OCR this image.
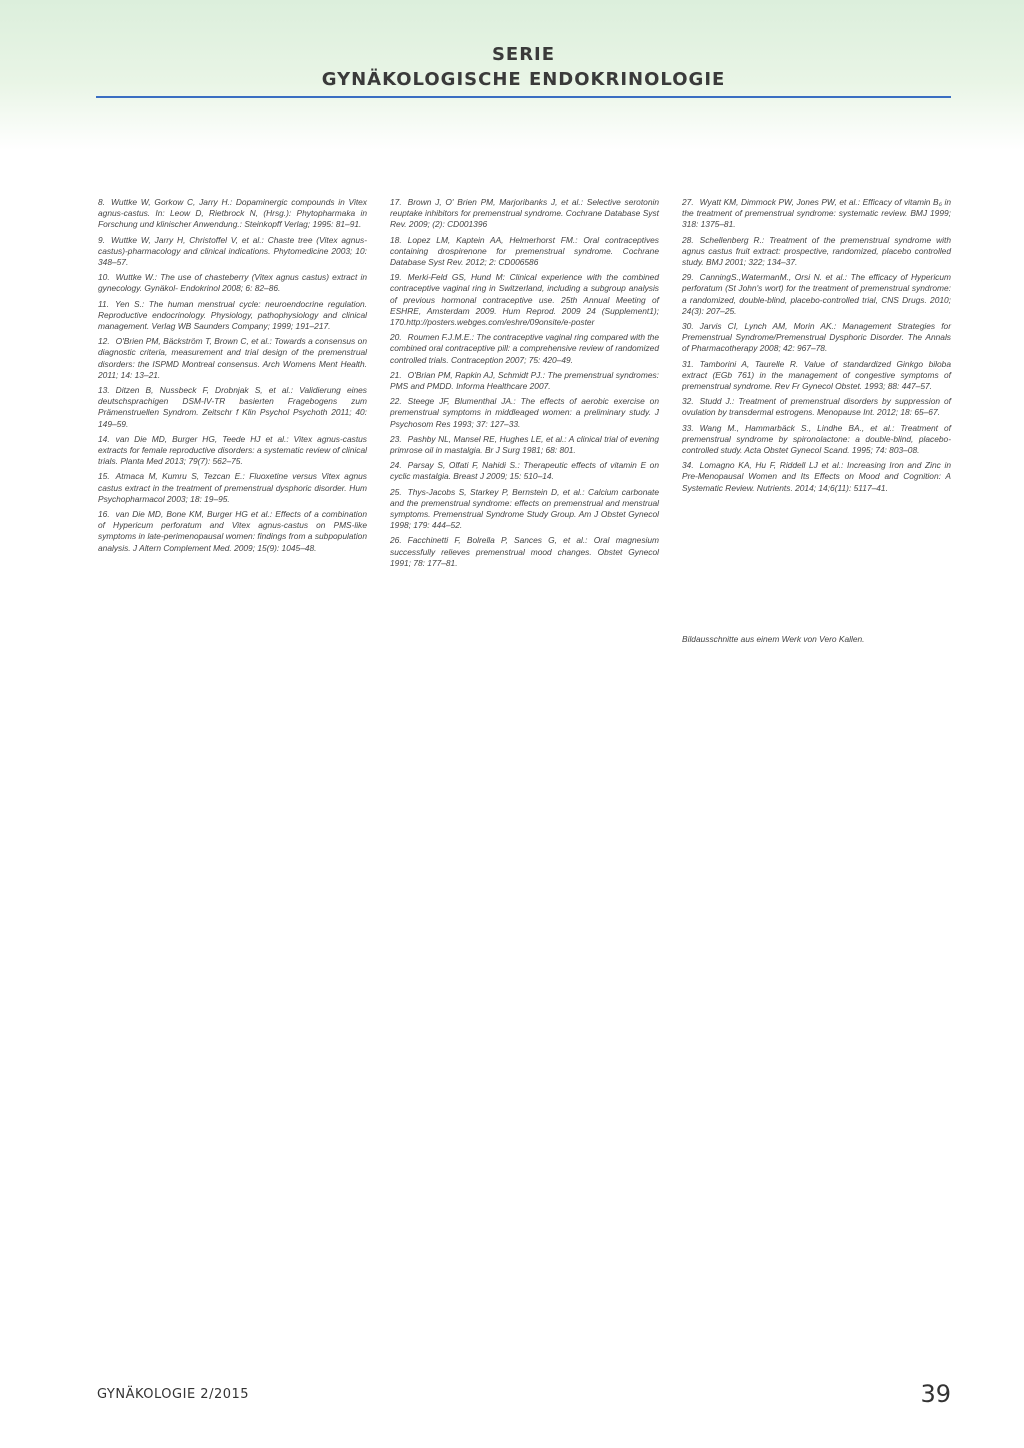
SERIE
GYNÄKOLOGISCHE ENDOKRINOLOGIE

8. Wuttke W, Gorkow C, Jarry H.: Dopaminergic compounds in Vitex agnus-castus. In: Leow D, Rietbrock N, (Hrsg.): Phytopharmaka in Forschung und klinischer Anwendung.: Steinkopff Verlag; 1995: 81–91.

9. Wuttke W, Jarry H, Christoffel V, et al.: Chaste tree (Vitex agnus-castus)-pharmacology and clinical indications. Phytomedicine 2003; 10: 348–57.

10. Wuttke W.: The use of chasteberry (Vitex agnus castus) extract in gynecology. Gynäkol- Endokrinol 2008; 6: 82–86.

11. Yen S.: The human menstrual cycle: neuroendocrine regulation. Reproductive endocrinology. Physiology, pathophysiology and clinical management. Verlag WB Saunders Company; 1999; 191–217.

12. O'Brien PM, Bäckström T, Brown C, et al.: Towards a consensus on diagnostic criteria, measurement and trial design of the premenstrual disorders: the ISPMD Montreal consensus. Arch Womens Ment Health. 2011; 14: 13–21.

13. Ditzen B, Nussbeck F, Drobnjak S, et al.: Validierung eines deutschsprachigen DSM-IV-TR basierten Fragebogens zum Prämenstruellen Syndrom. Zeitschr f Klin Psychol Psychoth 2011; 40: 149–59.

14. van Die MD, Burger HG, Teede HJ et al.: Vitex agnus-castus extracts for female reproductive disorders: a systematic review of clinical trials. Planta Med 2013; 79(7): 562–75.

15. Atmaca M, Kumru S, Tezcan E.: Fluoxetine versus Vitex agnus castus extract in the treatment of premenstrual dysphoric disorder. Hum Psychopharmacol 2003; 18: 19–95.

16. van Die MD, Bone KM, Burger HG et al.: Effects of a combination of Hypericum perforatum and Vitex agnus-castus on PMS-like symptoms in late-perimenopausal women: findings from a subpopulation analysis. J Altern Complement Med. 2009; 15(9): 1045–48.

17. Brown J, O' Brien PM, Marjoribanks J, et al.: Selective serotonin reuptake inhibitors for premenstrual syndrome. Cochrane Database Syst Rev. 2009; (2): CD001396

18. Lopez LM, Kaptein AA, Helmerhorst FM.: Oral contraceptives containing drospirenone for premenstrual syndrome. Cochrane Database Syst Rev. 2012; 2: CD006586

19. Merki-Feld GS, Hund M: Clinical experience with the combined contraceptive vaginal ring in Switzerland, including a subgroup analysis of previous hormonal contraceptive use. 25th Annual Meeting of ESHRE, Amsterdam 2009. Hum Reprod. 2009 24 (Supplement1); 170.http://posters.webges.com/eshre/09onsite/e-poster

20. Roumen F.J.M.E.: The contraceptive vaginal ring compared with the combined oral contraceptive pill: a comprehensive review of randomized controlled trials. Contraception 2007; 75: 420–49.

21. O'Brian PM, Rapkin AJ, Schmidt PJ.: The premenstrual syndromes: PMS and PMDD. Informa Healthcare 2007.

22. Steege JF, Blumenthal JA.: The effects of aerobic exercise on premenstrual symptoms in middleaged women: a preliminary study. J Psychosom Res 1993; 37: 127–33.

23. Pashby NL, Mansel RE, Hughes LE, et al.: A clinical trial of evening primrose oil in mastalgia. Br J Surg 1981; 68: 801.

24. Parsay S, Olfati F, Nahidi S.: Therapeutic effects of vitamin E on cyclic mastalgia. Breast J 2009; 15: 510–14.

25. Thys-Jacobs S, Starkey P, Bernstein D, et al.: Calcium carbonate and the premenstrual syndrome: effects on premenstrual and menstrual symptoms. Premenstrual Syndrome Study Group. Am J Obstet Gynecol 1998; 179: 444–52.

26. Facchinetti F, Bolrella P, Sances G, et al.: Oral magnesium successfully relieves premenstrual mood changes. Obstet Gynecol 1991; 78: 177–81.

27. Wyatt KM, Dimmock PW, Jones PW, et al.: Efficacy of vitamin B₆ in the treatment of premenstrual syndrome: systematic review. BMJ 1999; 318: 1375–81.

28. Schellenberg R.: Treatment of the premenstrual syndrome with agnus castus fruit extract: prospective, randomized, placebo controlled study. BMJ 2001; 322; 134–37.

29. CanningS.,WatermanM., Orsi N. et al.: The efficacy of Hypericum perforatum (St John's wort) for the treatment of premenstrual syndrome: a randomized, double-blind, placebo-controlled trial, CNS Drugs. 2010; 24(3): 207–25.

30. Jarvis CI, Lynch AM, Morin AK.: Management Strategies for Premenstrual Syndrome/Premenstrual Dysphoric Disorder. The Annals of Pharmacotherapy 2008; 42: 967–78.

31. Tamborini A, Taurelle R. Value of standardized Ginkgo biloba extract (EGb 761) in the management of congestive symptoms of premenstrual syndrome. Rev Fr Gynecol Obstet. 1993; 88: 447–57.

32. Studd J.: Treatment of premenstrual disorders by suppression of ovulation by transdermal estrogens. Menopause Int. 2012; 18: 65–67.

33. Wang M., Hammarbäck S., Lindhe BA., et al.: Treatment of premenstrual syndrome by spironolactone: a double-blind, placebo-controlled study. Acta Obstet Gynecol Scand. 1995; 74: 803–08.

34. Lomagno KA, Hu F, Riddell LJ et al.: Increasing Iron and Zinc in Pre-Menopausal Women and Its Effects on Mood and Cognition: A Systematic Review. Nutrients. 2014; 14;6(11): 5117–41.

Bildausschnitte aus einem Werk von Vero Kallen.
GYNÄKOLOGIE 2/2015	39
